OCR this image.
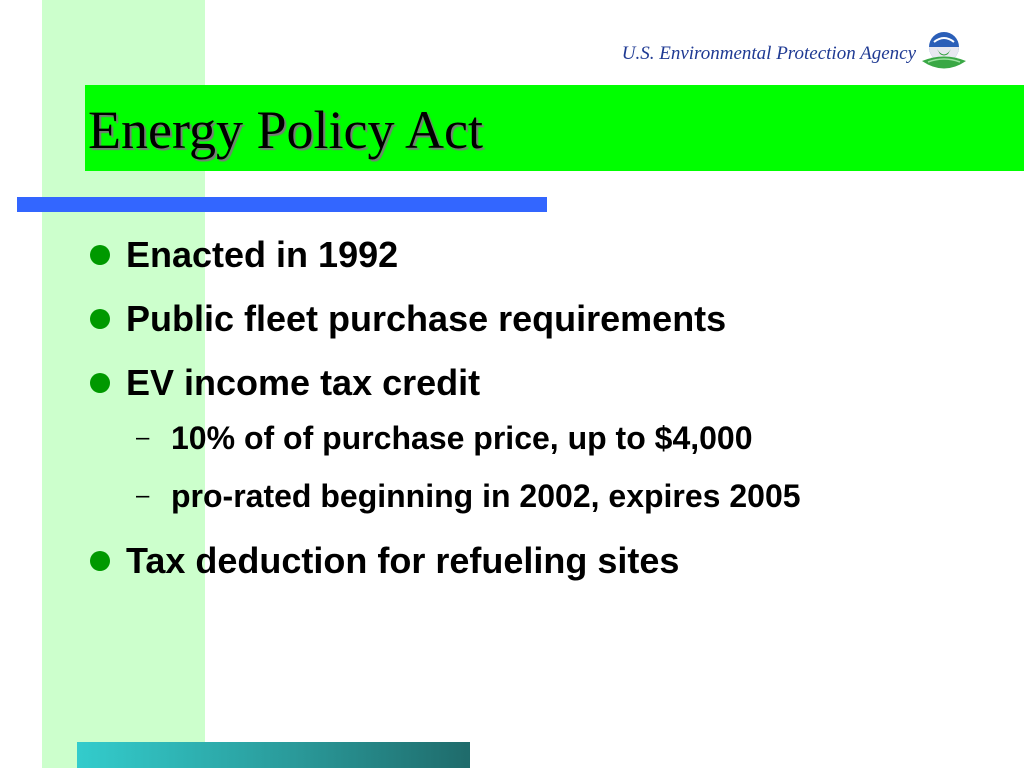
U.S. Environmental Protection Agency
Energy Policy Act
Enacted in 1992
Public fleet purchase requirements
EV income tax credit
– 10% of of purchase price, up to $4,000
– pro-rated beginning in 2002, expires 2005
Tax deduction for refueling sites
